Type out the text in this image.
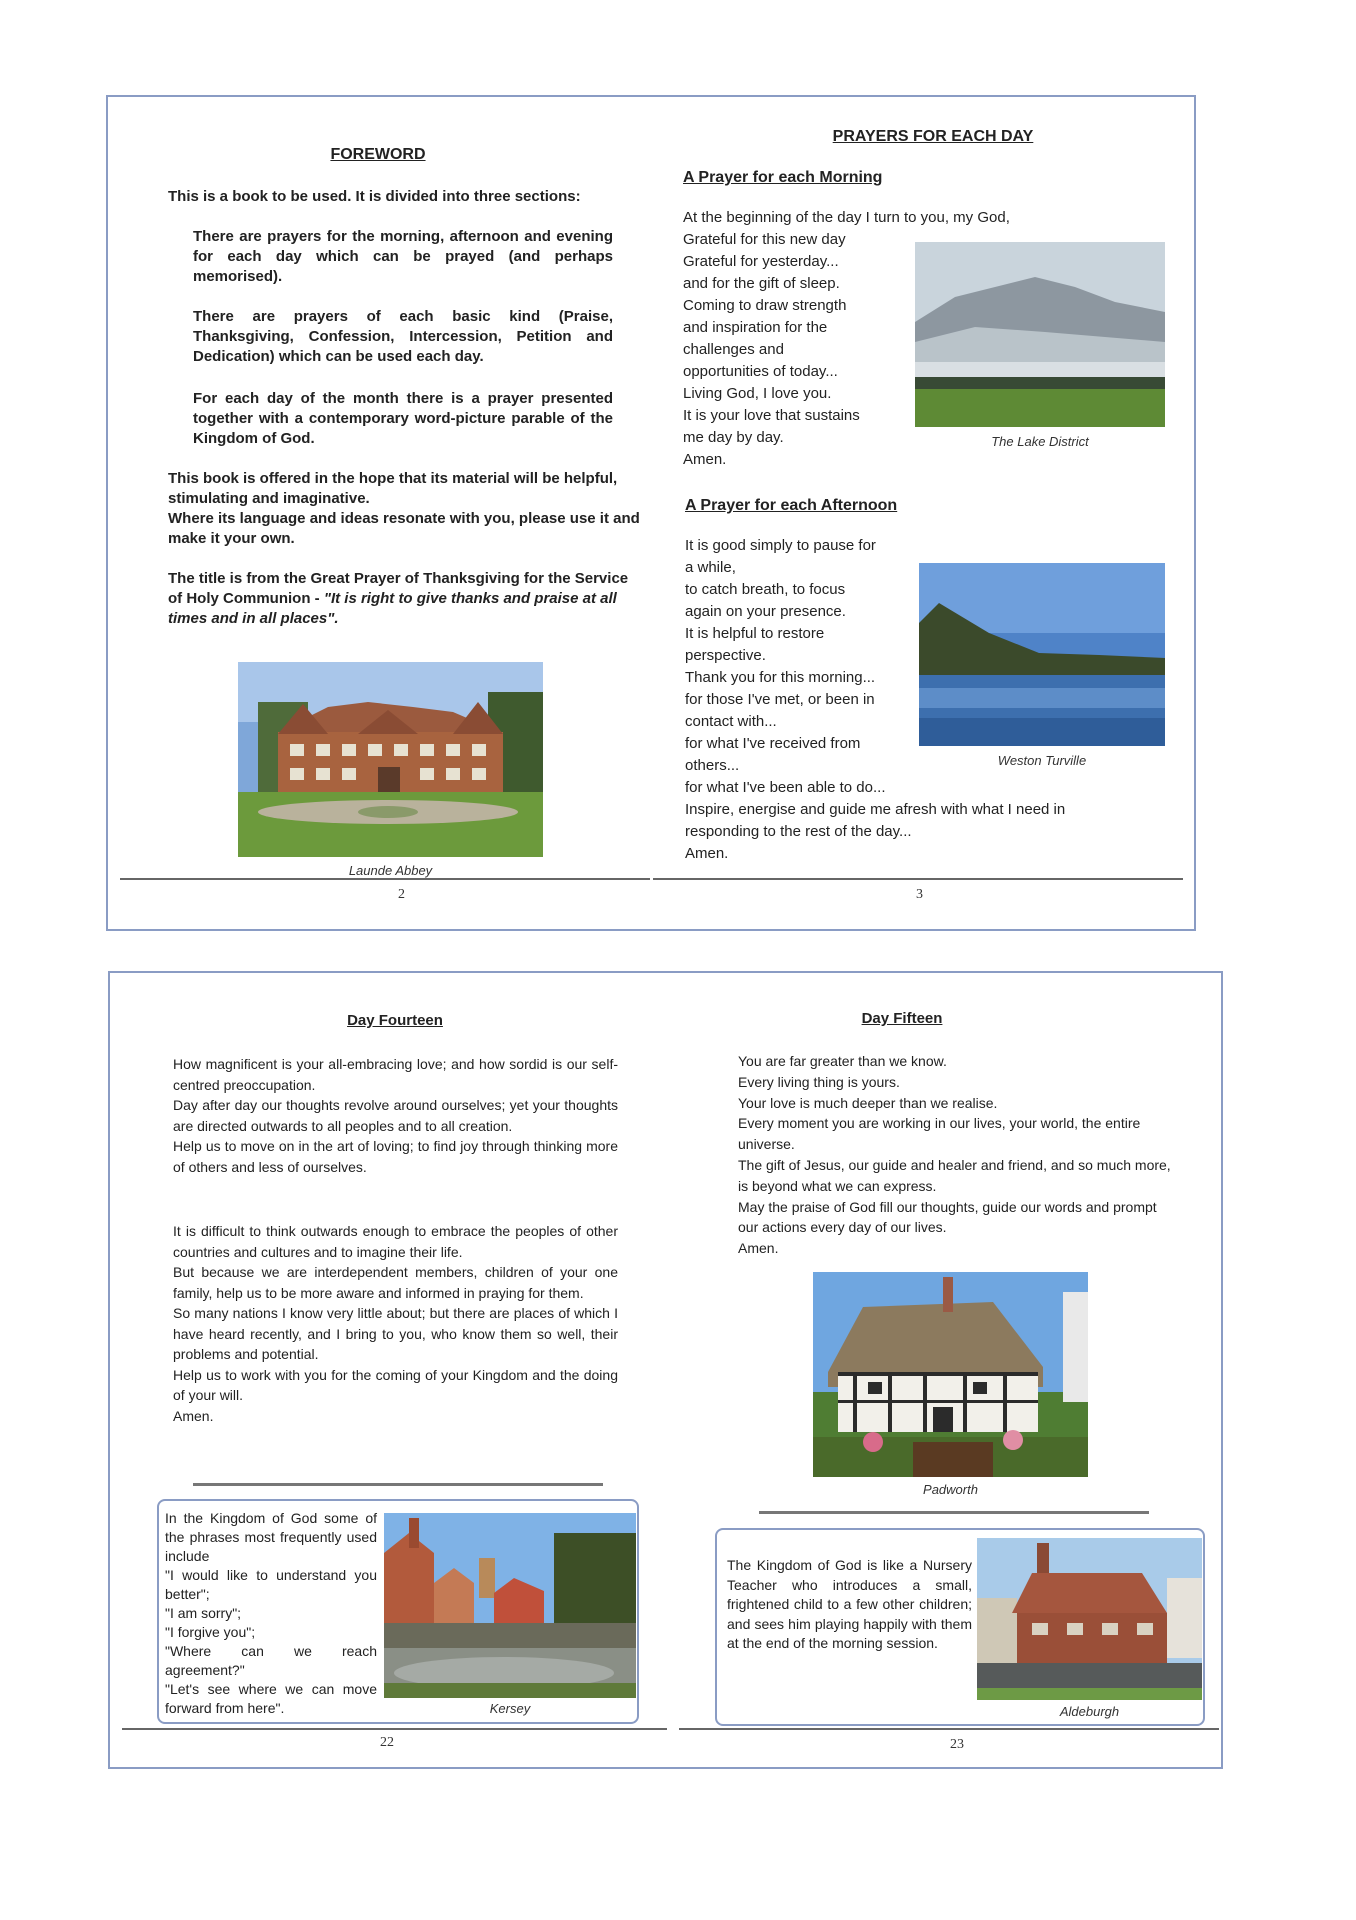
FOREWORD
This is a book to be used. It is divided into three sections:
There are prayers for the morning, afternoon and evening for each day which can be prayed (and perhaps memorised).
There are prayers of each basic kind (Praise, Thanksgiving, Confession, Intercession, Petition and Dedication) which can be used each day.
For each day of the month there is a prayer presented together with a contemporary word-picture parable of the Kingdom of God.

This book is offered in the hope that its material will be helpful, stimulating and imaginative.

Where its language and ideas resonate with you, please use it and make it your own.

The title is from the Great Prayer of Thanksgiving for the Service of Holy Communion - "It is right to give thanks and praise at all times and in all places".
Launde Abbey
2
PRAYERS FOR EACH DAY
A Prayer for each Morning
At the beginning of the day I turn to you, my God,

Grateful for this new day

Grateful for yesterday...

and for the gift of sleep.

Coming to draw strength

and inspiration for the

challenges and

opportunities of today...

Living God, I love you.

It is your love that sustains

me day by day.

Amen.

The Lake District
A Prayer for each Afternoon

It is good simply to pause for

a while,

to catch breath, to focus

again on your presence.

It is helpful to restore

perspective.

Thank you for this morning...

for those I've met, or been in

contact with...

for what I've received from

others...

for what I've been able to do...

Inspire, energise and guide me afresh with what I need in

responding to the rest of the day...

Amen.

Weston Turville
3
Day Fourteen

How magnificent is your all-embracing love; and how sordid is our self-centred preoccupation.

Day after day our thoughts revolve around ourselves; yet your thoughts are directed outwards to all peoples and to all creation.

Help us to move on in the art of loving; to find joy through thinking more of others and less of ourselves.

It is difficult to think outwards enough to embrace the peoples of other countries and cultures and to imagine their life.

But because we are interdependent members, children of your one family, help us to be more aware and informed in praying for them.

So many nations I know very little about; but there are places of which I have heard recently, and I bring to you, who know them so well, their problems and potential.

Help us to work with you for the coming of your Kingdom and the doing of your will.

Amen.

In the Kingdom of God some of the phrases most frequently used include

"I would like to understand you better";

"I am sorry";

"I forgive you";

"Where can we reach agreement?"

"Let's see where we can move forward from here".	Kersey
22
Day Fifteen

You are far greater than we know.

Every living thing is yours.

Your love is much deeper than we realise.

Every moment you are working in our lives, your world, the entire universe.

The gift of Jesus, our guide and healer and friend, and so much more, is beyond what we can express.

May the praise of God fill our thoughts, guide our words and prompt our actions every day of our lives.

Amen.

Padworth
The Kingdom of God is like a Nursery Teacher who introduces a small, frightened child to a few other children; and sees him playing happily with them at the end of the morning session.
Aldeburgh
23
